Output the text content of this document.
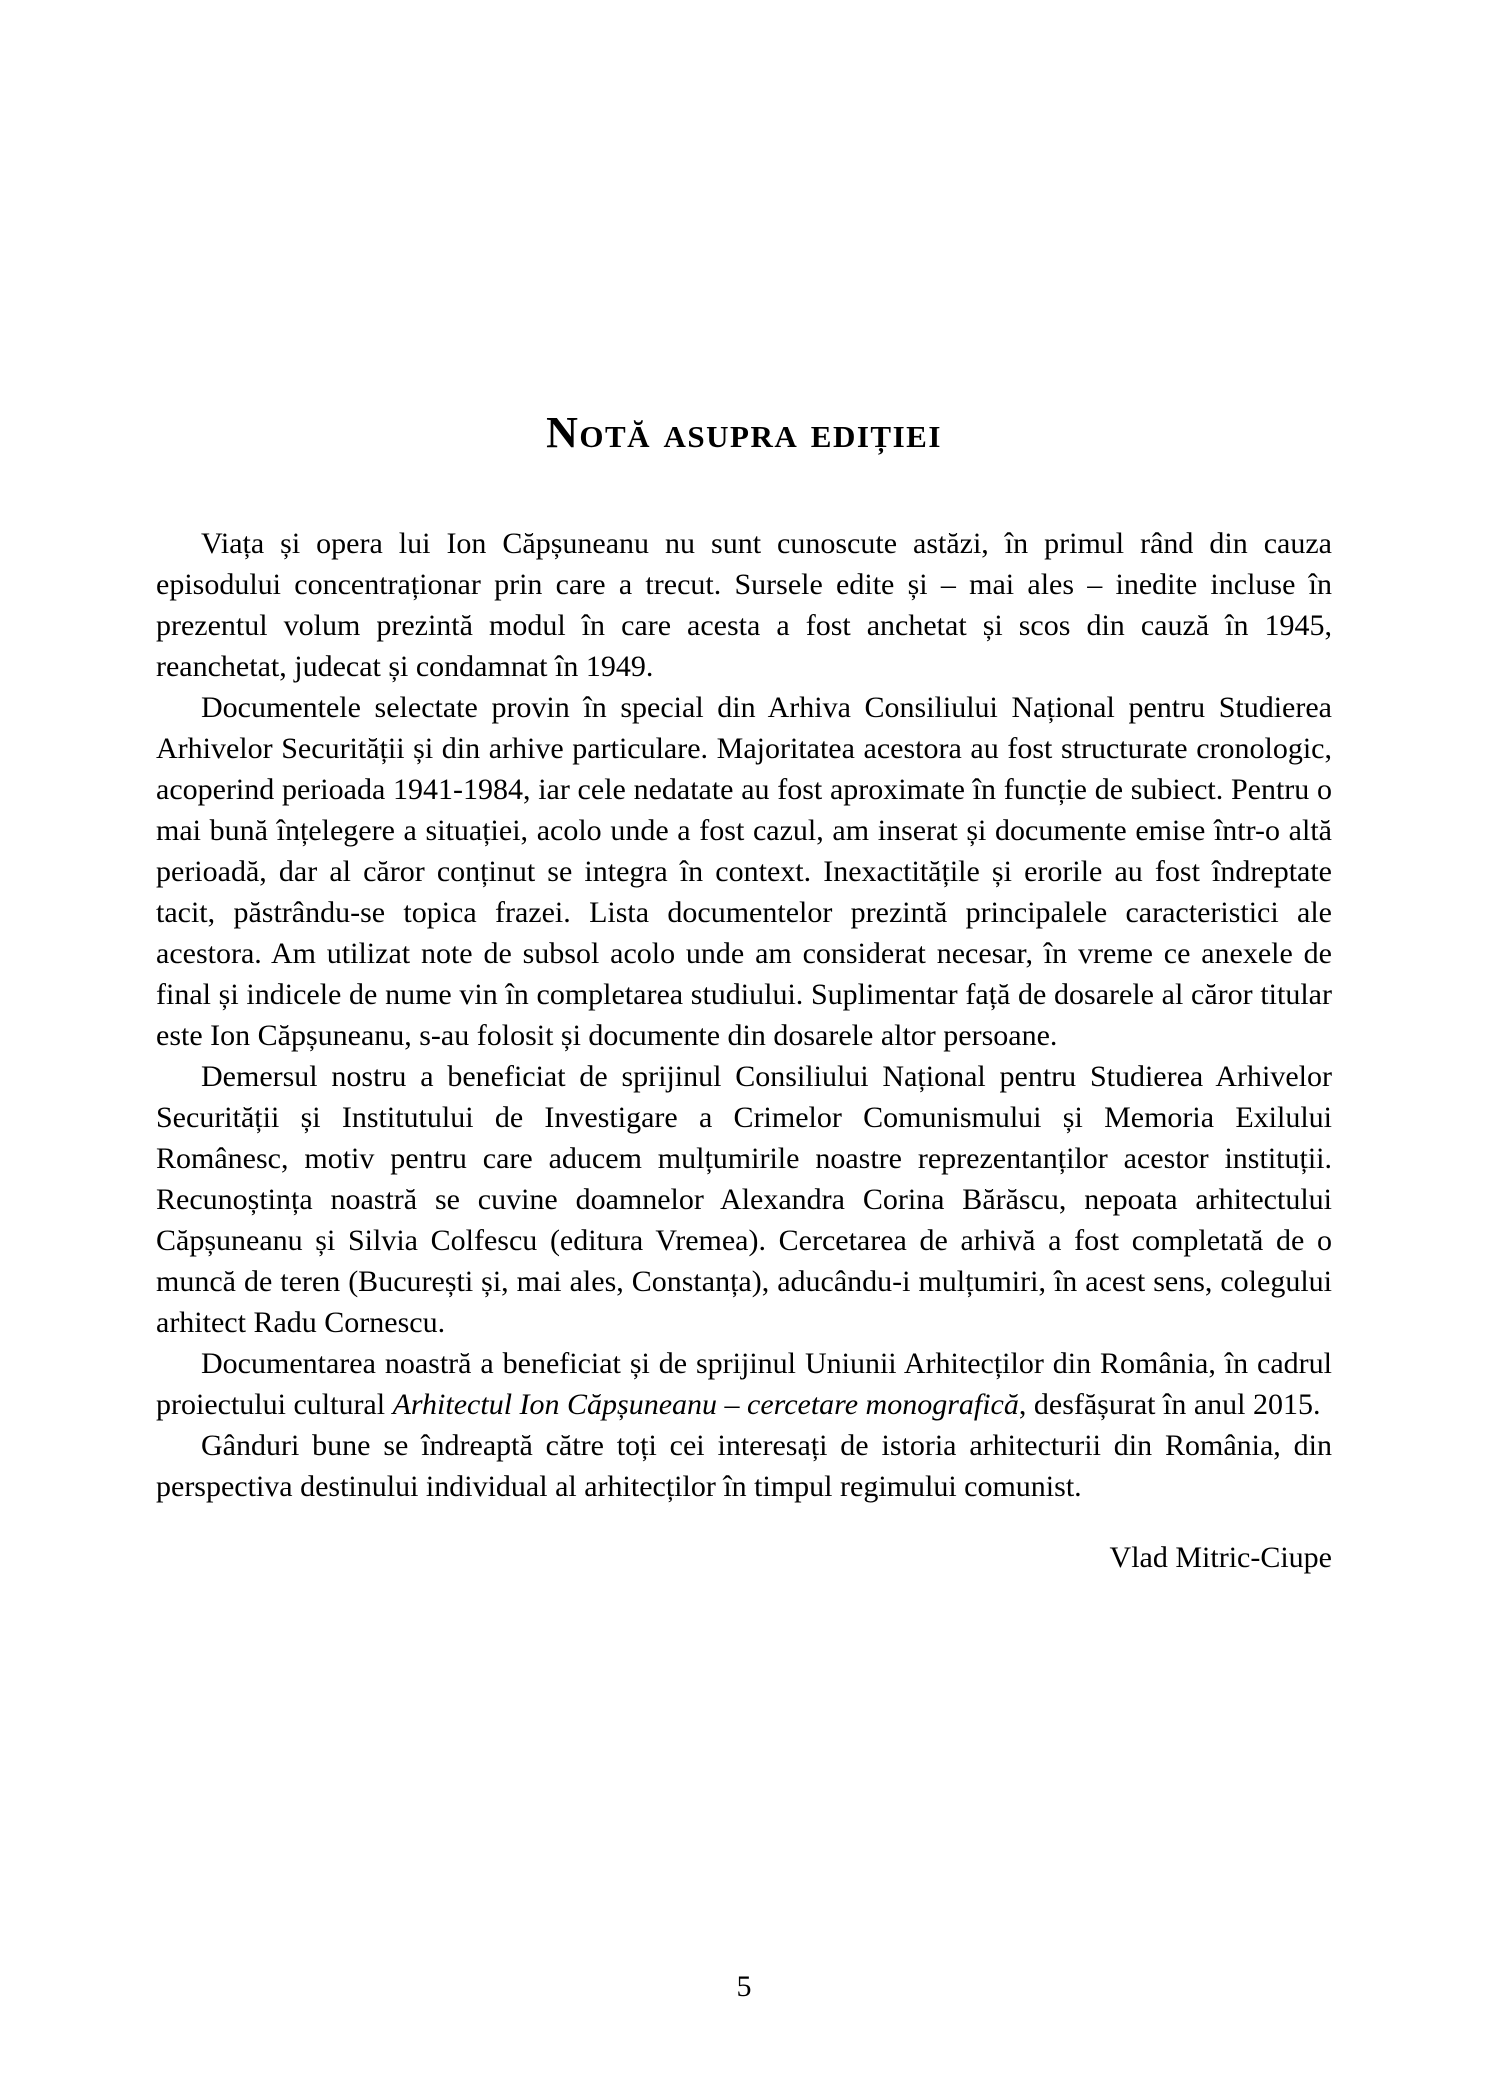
Notă asupra ediției

Viața și opera lui Ion Căpșuneanu nu sunt cunoscute astăzi, în primul rând din cauza episodului concentraționar prin care a trecut. Sursele edite și – mai ales – inedite incluse în prezentul volum prezintă modul în care acesta a fost anchetat și scos din cauză în 1945, reanchetat, judecat și condamnat în 1949.

Documentele selectate provin în special din Arhiva Consiliului Național pentru Studierea Arhivelor Securității și din arhive particulare. Majoritatea acestora au fost structurate cronologic, acoperind perioada 1941-1984, iar cele nedatate au fost aproximate în funcție de subiect. Pentru o mai bună înțelegere a situației, acolo unde a fost cazul, am inserat și documente emise într-o altă perioadă, dar al căror conținut se integra în context. Inexactitățile și erorile au fost îndreptate tacit, păstrându-se topica frazei. Lista documentelor prezintă principalele caracteristici ale acestora. Am utilizat note de subsol acolo unde am considerat necesar, în vreme ce anexele de final și indicele de nume vin în completarea studiului. Suplimentar față de dosarele al căror titular este Ion Căpșuneanu, s-au folosit și documente din dosarele altor persoane.

Demersul nostru a beneficiat de sprijinul Consiliului Național pentru Studierea Arhivelor Securității și Institutului de Investigare a Crimelor Comunismului și Memoria Exilului Românesc, motiv pentru care aducem mulțumirile noastre reprezentanților acestor instituții. Recunoștința noastră se cuvine doamnelor Alexandra Corina Bărăscu, nepoata arhitectului Căpșuneanu și Silvia Colfescu (editura Vremea). Cercetarea de arhivă a fost completată de o muncă de teren (București și, mai ales, Constanța), aducându-i mulțumiri, în acest sens, colegului arhitect Radu Cornescu.

Documentarea noastră a beneficiat și de sprijinul Uniunii Arhitecților din România, în cadrul proiectului cultural Arhitectul Ion Căpșuneanu – cercetare monografică, desfășurat în anul 2015.

Gânduri bune se îndreaptă către toți cei interesați de istoria arhitecturii din România, din perspectiva destinului individual al arhitecților în timpul regimului comunist.

Vlad Mitric-Ciupe
5
